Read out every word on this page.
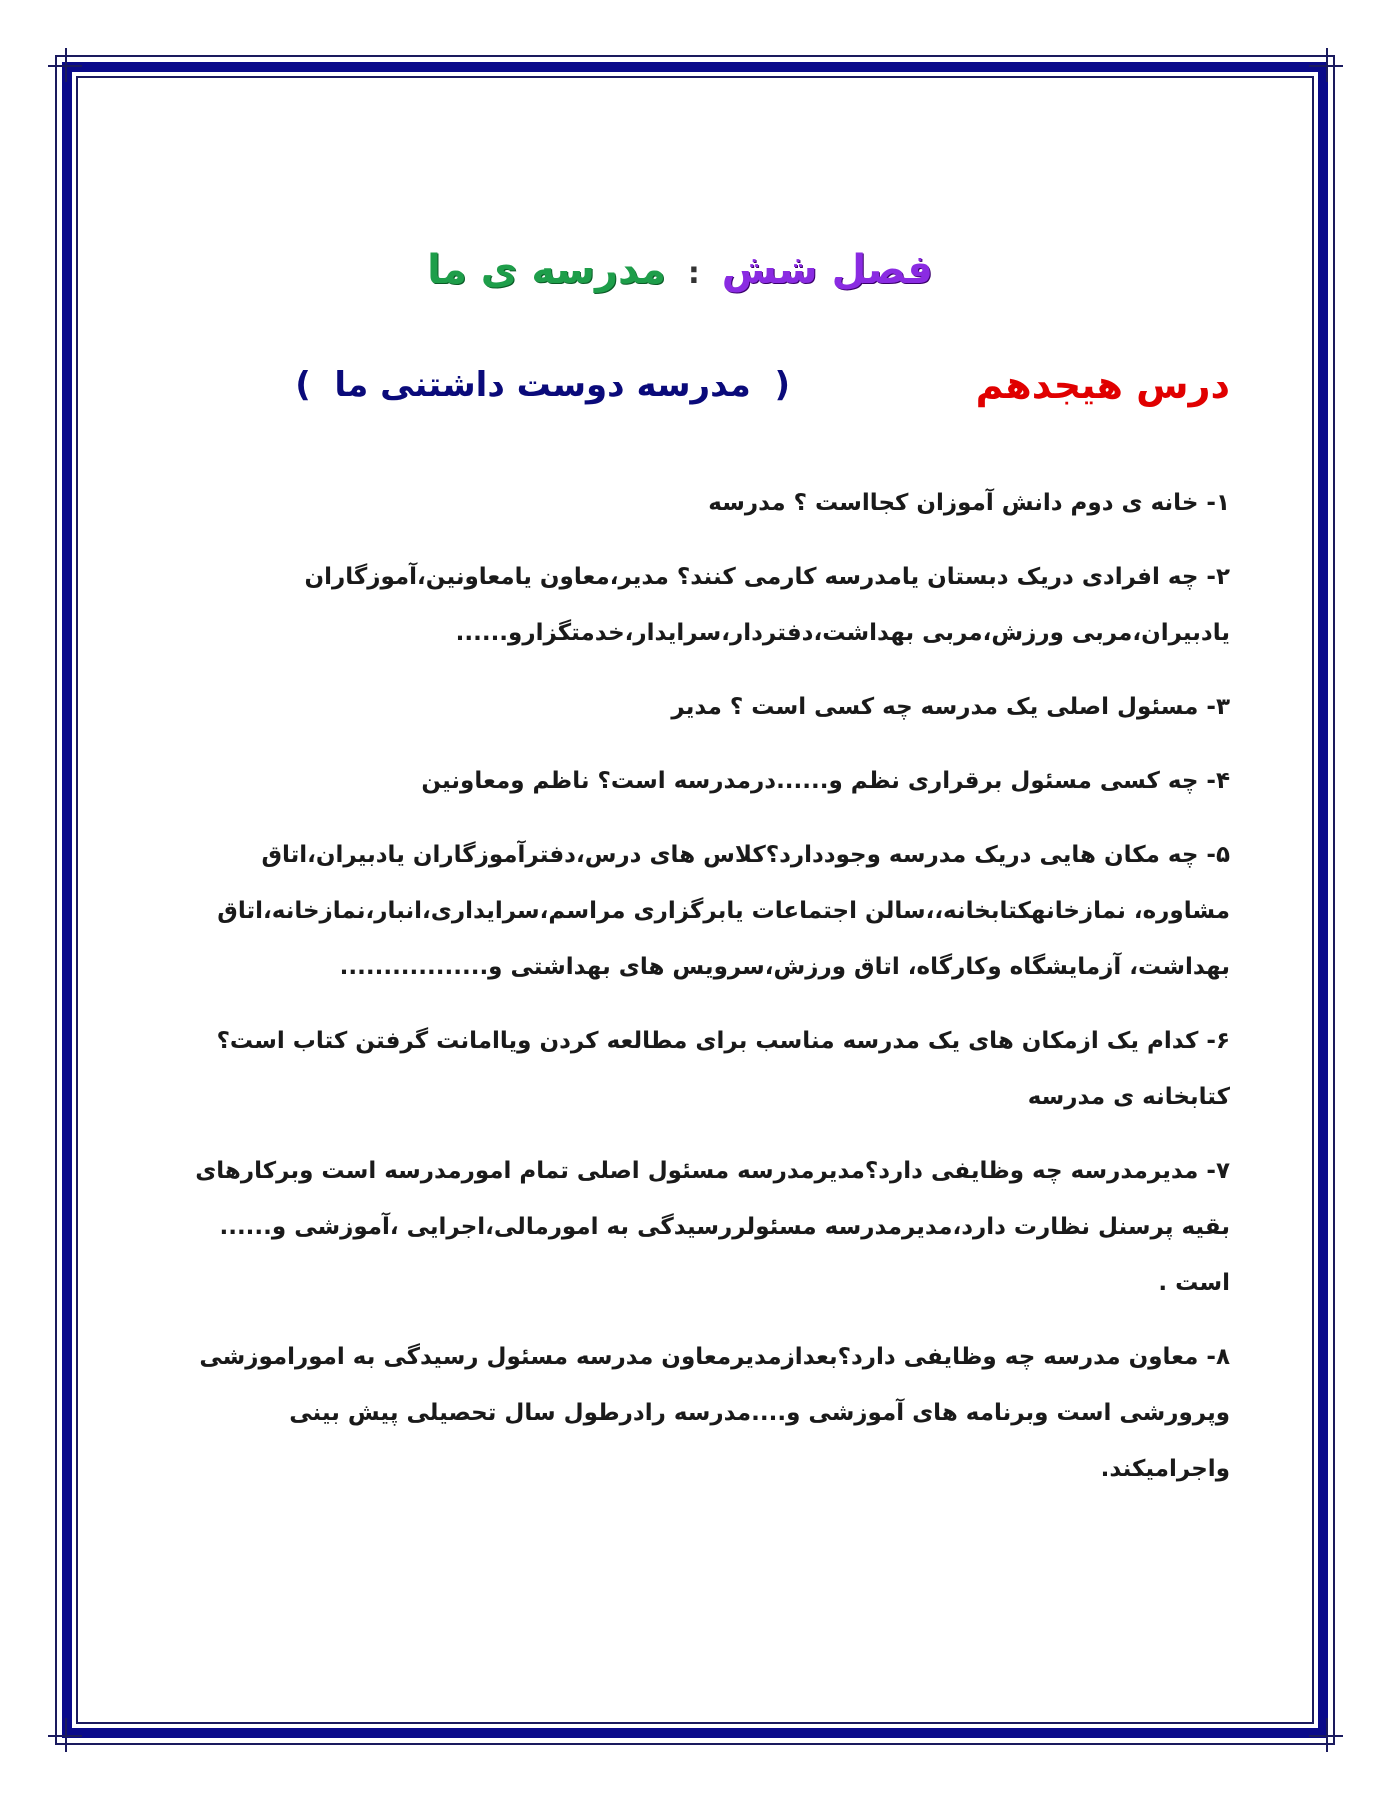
فصل شش : مدرسه ی ما
درس هیجدهم
(  مدرسه دوست داشتنی ما  )
۱- خانه ی دوم دانش آموزان کجااست ؟ مدرسه
۲- چه افرادی دریک دبستان یامدرسه کارمی کنند؟ مدیر،معاون یامعاونین،آموزگاران یادبیران،مربی ورزش،مربی بهداشت،دفتردار،سرایدار،خدمتگزارو......
۳- مسئول اصلی یک مدرسه چه کسی است ؟ مدیر
۴- چه کسی مسئول برقراری نظم و......درمدرسه است؟ ناظم ومعاونین
۵- چه مکان هایی دریک مدرسه وجوددارد؟کلاس های درس،دفترآموزگاران یادبیران،اتاق مشاوره، نمازخانهکتابخانه،،سالن اجتماعات یابرگزاری مراسم،سرایداری،انبار،نمازخانه،اتاق بهداشت، آزمایشگاه وکارگاه، اتاق ورزش،سرویس های بهداشتی و.................
۶- کدام یک ازمکان های یک مدرسه مناسب برای مطالعه کردن ویاامانت گرفتن کتاب است؟ کتابخانه ی مدرسه
۷- مدیرمدرسه چه وظایفی دارد؟مدیرمدرسه مسئول اصلی تمام امورمدرسه است وبرکارهای بقیه پرسنل نظارت دارد،مدیرمدرسه مسئولررسیدگی به امورمالی،اجرایی ،آموزشی و...... است .
۸- معاون مدرسه چه وظایفی دارد؟بعدازمدیرمعاون مدرسه مسئول رسیدگی به اموراموزشی وپرورشی است وبرنامه های آموزشی و....مدرسه رادرطول سال تحصیلی پیش بینی واجرامیکند.
